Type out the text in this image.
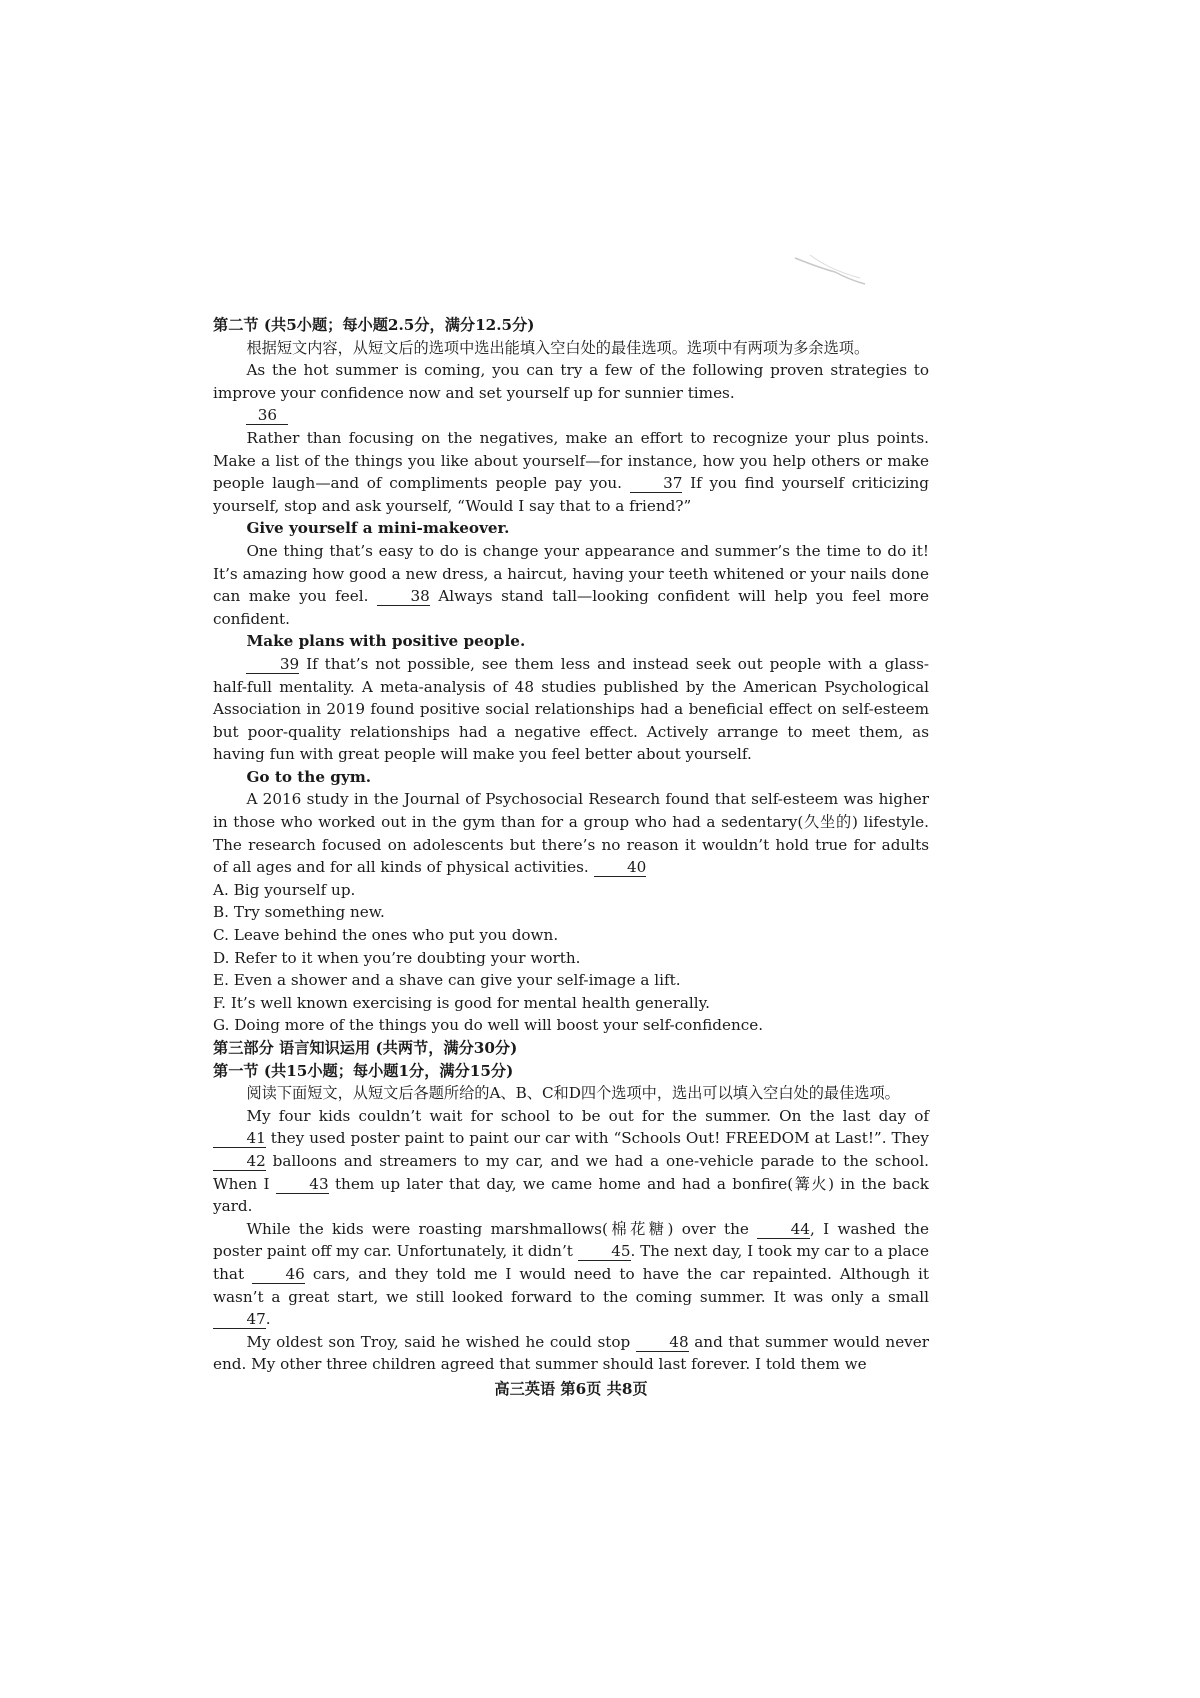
第二节 (共5小题；每小题2.5分，满分12.5分)

根据短文内容，从短文后的选项中选出能填入空白处的最佳选项。选项中有两项为多余选项。

As the hot summer is coming, you can try a few of the following proven strategies to improve your confidence now and set yourself up for sunnier times.

36

Rather than focusing on the negatives, make an effort to recognize your plus points. Make a list of the things you like about yourself—for instance, how you help others or make people laugh—and of compliments people pay you.	37 If you find yourself criticizing yourself, stop and ask yourself, “Would I say that to a friend?”

Give yourself a mini-makeover.

One thing that’s easy to do is change your appearance and summer’s the time to do it! It’s amazing how good a new dress, a haircut, having your teeth whitened or your nails done can make you feel.	38 Always stand tall—looking confident will help you feel more confident.

Make plans with positive people.

39 If that’s not possible, see them less and instead seek out people with a glass-half-full mentality. A meta-analysis of 48 studies published by the American Psychological Association in 2019 found positive social relationships had a beneficial effect on self-esteem but poor-quality relationships had a negative effect. Actively arrange to meet them, as having fun with great people will make you feel better about yourself.

Go to the gym.

A 2016 study in the Journal of Psychosocial Research found that self-esteem was higher in those who worked out in the gym than for a group who had a sedentary(久坐的) lifestyle. The research focused on adolescents but there’s no reason it wouldn’t hold true for adults of all ages and for all kinds of physical activities.	40

A. Big yourself up.

B. Try something new.

C. Leave behind the ones who put you down.

D. Refer to it when you’re doubting your worth.

E. Even a shower and a shave can give your self-image a lift.

F. It’s well known exercising is good for mental health generally.

G. Doing more of the things you do well will boost your self-confidence.

第三部分 语言知识运用 (共两节，满分30分)

第一节 (共15小题；每小题1分，满分15分)

阅读下面短文，从短文后各题所给的A、B、C和D四个选项中，选出可以填入空白处的最佳选项。

My four kids couldn’t wait for school to be out for the summer. On the last day of 41 they used poster paint to paint our car with “Schools Out! FREEDOM at Last!”. They 42 balloons and streamers to my car, and we had a one-vehicle parade to the school. When I	43 them up later that day, we came home and had a bonfire(篝火) in the back yard.

While the kids were roasting marshmallows(棉花糖) over the	44, I washed the poster paint off my car. Unfortunately, it didn’t	45. The next day, I took my car to a place that	46 cars, and they told me I would need to have the car repainted. Although it wasn’t a great start, we still looked forward to the coming summer. It was only a small 47.

My oldest son Troy, said he wished he could stop	48 and that summer would never end. My other three children agreed that summer should last forever. I told them we

高三英语 第6页 共8页
